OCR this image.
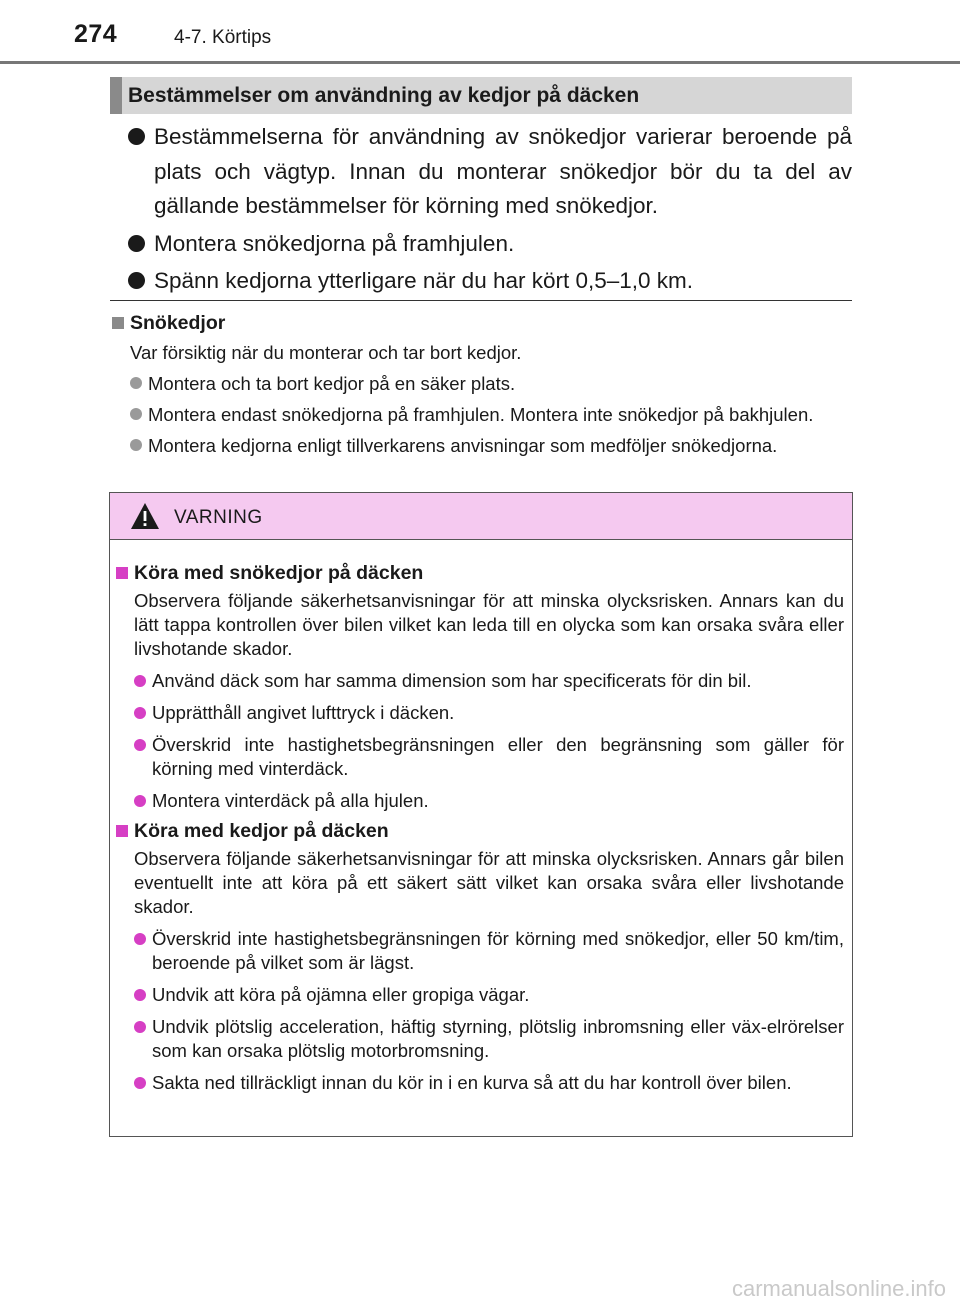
274	4-7. Körtips
Bestämmelser om användning av kedjor på däcken
Bestämmelserna för användning av snökedjor varierar beroende på plats och vägtyp. Innan du monterar snökedjor bör du ta del av gällande bestämmelser för körning med snökedjor.
Montera snökedjorna på framhjulen.
Spänn kedjorna ytterligare när du har kört 0,5–1,0 km.
Snökedjor
Var försiktig när du monterar och tar bort kedjor.
Montera och ta bort kedjor på en säker plats.
Montera endast snökedjorna på framhjulen. Montera inte snökedjor på bakhjulen.
Montera kedjorna enligt tillverkarens anvisningar som medföljer snökedjorna.
VARNING
Köra med snökedjor på däcken
Observera följande säkerhetsanvisningar för att minska olycksrisken. Annars kan du lätt tappa kontrollen över bilen vilket kan leda till en olycka som kan orsaka svåra eller livshotande skador.
Använd däck som har samma dimension som har specificerats för din bil.
Upprätthåll angivet lufttryck i däcken.
Överskrid inte hastighetsbegränsningen eller den begränsning som gäller för körning med vinterdäck.
Montera vinterdäck på alla hjulen.
Köra med kedjor på däcken
Observera följande säkerhetsanvisningar för att minska olycksrisken. Annars går bilen eventuellt inte att köra på ett säkert sätt vilket kan orsaka svåra eller livshotande skador.
Överskrid inte hastighetsbegränsningen för körning med snökedjor, eller 50 km/tim, beroende på vilket som är lägst.
Undvik att köra på ojämna eller gropiga vägar.
Undvik plötslig acceleration, häftig styrning, plötslig inbromsning eller väx-elrörelser som kan orsaka plötslig motorbromsning.
Sakta ned tillräckligt innan du kör in i en kurva så att du har kontroll över bilen.
carmanualsonline.info
